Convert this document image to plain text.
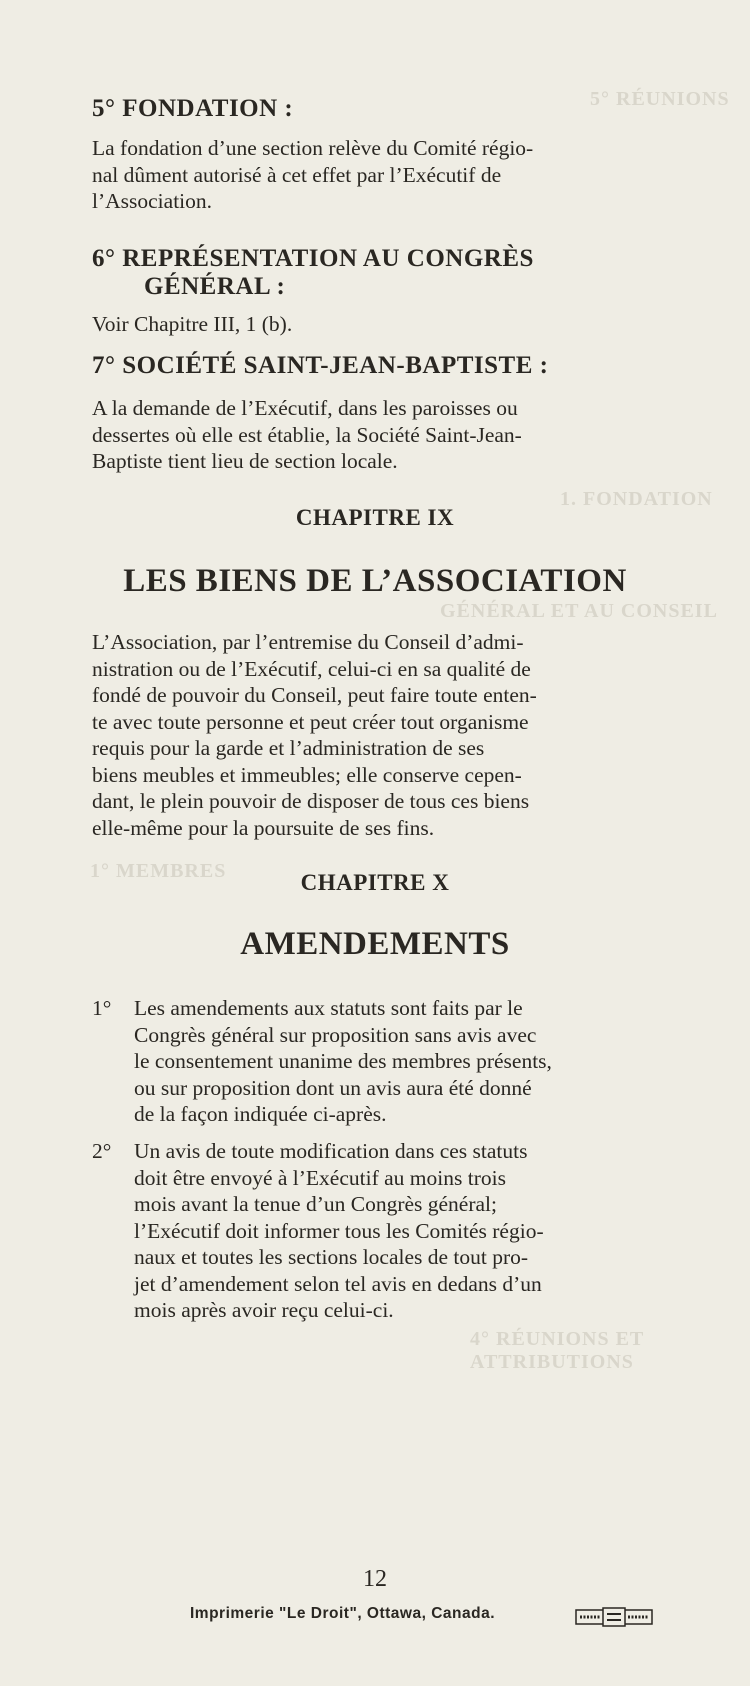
5° RÉUNIONS
1. FONDATION
GÉNÉRAL ET AU CONSEIL
1° MEMBRES
4° RÉUNIONS ET ATTRIBUTIONS
5° FONDATION :
La fondation d’une section relève du Comité régio-
nal dûment autorisé à cet effet par l’Exécutif de
l’Association.
6° REPRÉSENTATION AU CONGRÈS
GÉNÉRAL :
Voir Chapitre III, 1 (b).
7° SOCIÉTÉ SAINT-JEAN-BAPTISTE :
A la demande de l’Exécutif, dans les paroisses ou
dessertes où elle est établie, la Société Saint-Jean-
Baptiste tient lieu de section locale.
CHAPITRE IX
LES BIENS DE L’ASSOCIATION
L’Association, par l’entremise du Conseil d’admi-
nistration ou de l’Exécutif, celui-ci en sa qualité de
fondé de pouvoir du Conseil, peut faire toute enten-
te avec toute personne et peut créer tout organisme
requis pour la garde et l’administration de ses
biens meubles et immeubles; elle conserve cepen-
dant, le plein pouvoir de disposer de tous ces biens
elle-même pour la poursuite de ses fins.
CHAPITRE X
AMENDEMENTS
1° Les amendements aux statuts sont faits par le
Congrès général sur proposition sans avis avec
le consentement unanime des membres présents,
ou sur proposition dont un avis aura été donné
de la façon indiquée ci-après.
2° Un avis de toute modification dans ces statuts
doit être envoyé à l’Exécutif au moins trois
mois avant la tenue d’un Congrès général;
l’Exécutif doit informer tous les Comités régio-
naux et toutes les sections locales de tout pro-
jet d’amendement selon tel avis en dedans d’un
mois après avoir reçu celui-ci.
12
Imprimerie "Le Droit", Ottawa, Canada.
